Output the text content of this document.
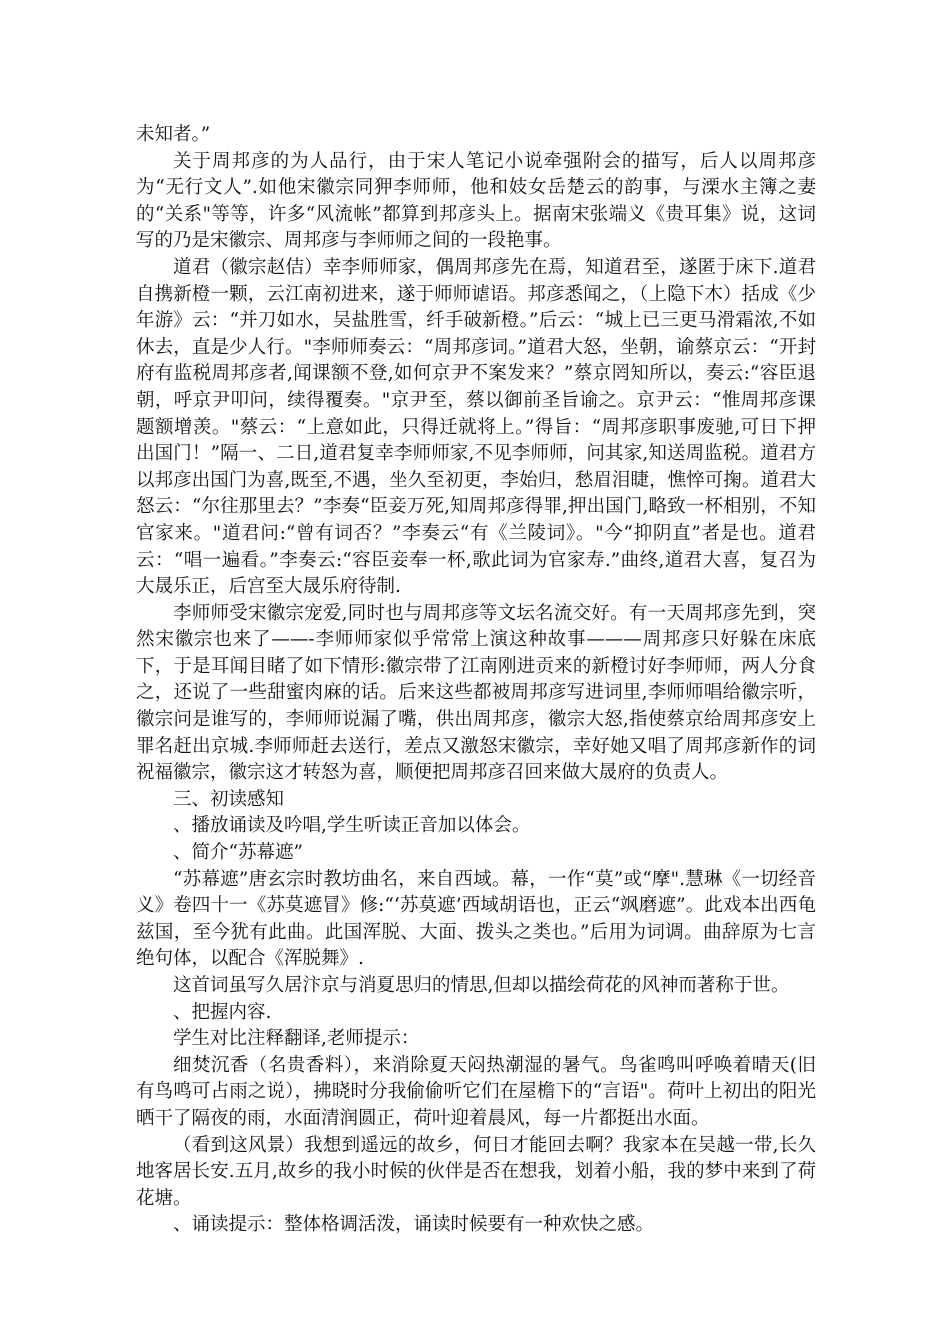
未知者。”

关于周邦彦的为人品行，由于宋人笔记小说牵强附会的描写，后人以周邦彦为“无行文人”.如他宋徽宗同狎李师师，他和妓女岳楚云的韵事，与溧水主簿之妻的“关系"等等，许多“风流帐”都算到邦彦头上。据南宋张端义《贵耳集》说，这词写的乃是宋徽宗、周邦彦与李师师之间的一段艳事。

道君（徽宗赵佶）幸李师师家，偶周邦彦先在焉，知道君至，遂匿于床下.道君自携新橙一颗，云江南初进来，遂于师师谑语。邦彦悉闻之，（上隐下木）括成《少年游》云：“并刀如水，吴盐胜雪，纤手破新橙。”后云：“城上已三更马滑霜浓,不如休去，直是少人行。"李师师奏云：“周邦彦词。”道君大怒，坐朝，谕蔡京云：“开封府有监税周邦彦者,闻课额不登,如何京尹不案发来？”蔡京罔知所以，奏云:“容臣退朝，呼京尹叩问，续得覆奏。"京尹至，蔡以御前圣旨谕之。京尹云：“惟周邦彦课题额增羡。"蔡云：“上意如此，只得迁就将上。”得旨：“周邦彦职事废驰,可日下押出国门！”隔一、二日,道君复幸李师师家,不见李师师，问其家,知送周监税。道君方以邦彦出国门为喜,既至,不遇，坐久至初更，李始归，愁眉泪睫，憔悴可掬。道君大怒云：“尔往那里去？”李奏“臣妾万死,知周邦彦得罪,押出国门,略致一杯相别，不知官家来。"道君问:“曾有词否？”李奏云“有《兰陵词》。"今“抑阴直”者是也。道君云：“唱一遍看。”李奏云:“容臣妾奉一杯,歌此词为官家寿.”曲终,道君大喜，复召为大晟乐正，后宫至大晟乐府待制.

李师师受宋徽宗宠爱,同时也与周邦彦等文坛名流交好。有一天周邦彦先到，突然宋徽宗也来了——-李师师家似乎常常上演这种故事———周邦彦只好躲在床底下，于是耳闻目睹了如下情形:徽宗带了江南刚进贡来的新橙讨好李师师，两人分食之，还说了一些甜蜜肉麻的话。后来这些都被周邦彦写进词里,李师师唱给徽宗听，徽宗问是谁写的，李师师说漏了嘴，供出周邦彦，徽宗大怒,指使蔡京给周邦彦安上罪名赶出京城.李师师赶去送行，差点又激怒宋徽宗，幸好她又唱了周邦彦新作的词祝福徽宗，徽宗这才转怒为喜，顺便把周邦彦召回来做大晟府的负责人。

三、初读感知

、播放诵读及吟唱,学生听读正音加以体会。

、简介“苏幕遮”

“苏幕遮”唐玄宗时教坊曲名，来自西域。幕，一作“莫”或“摩".慧琳《一切经音义》卷四十一《苏莫遮冒》修:“‘苏莫遮’西域胡语也，正云“飒磨遮”。此戏本出西龟兹国，至今犹有此曲。此国浑脱、大面、拨头之类也。”后用为词调。曲辞原为七言绝句体，以配合《浑脱舞》.

这首词虽写久居汴京与消夏思归的情思,但却以描绘荷花的风神而著称于世。

、把握内容.

学生对比注释翻译,老师提示：

细焚沉香（名贵香料），来消除夏天闷热潮湿的暑气。鸟雀鸣叫呼唤着晴天(旧有鸟鸣可占雨之说），拂晓时分我偷偷听它们在屋檐下的“言语"。荷叶上初出的阳光晒干了隔夜的雨，水面清润圆正，荷叶迎着晨风，每一片都挺出水面。

（看到这风景）我想到遥远的故乡，何日才能回去啊？我家本在吴越一带,长久地客居长安.五月,故乡的我小时候的伙伴是否在想我，划着小船，我的梦中来到了荷花塘。

、诵读提示：整体格调活泼，诵读时候要有一种欢快之感。
